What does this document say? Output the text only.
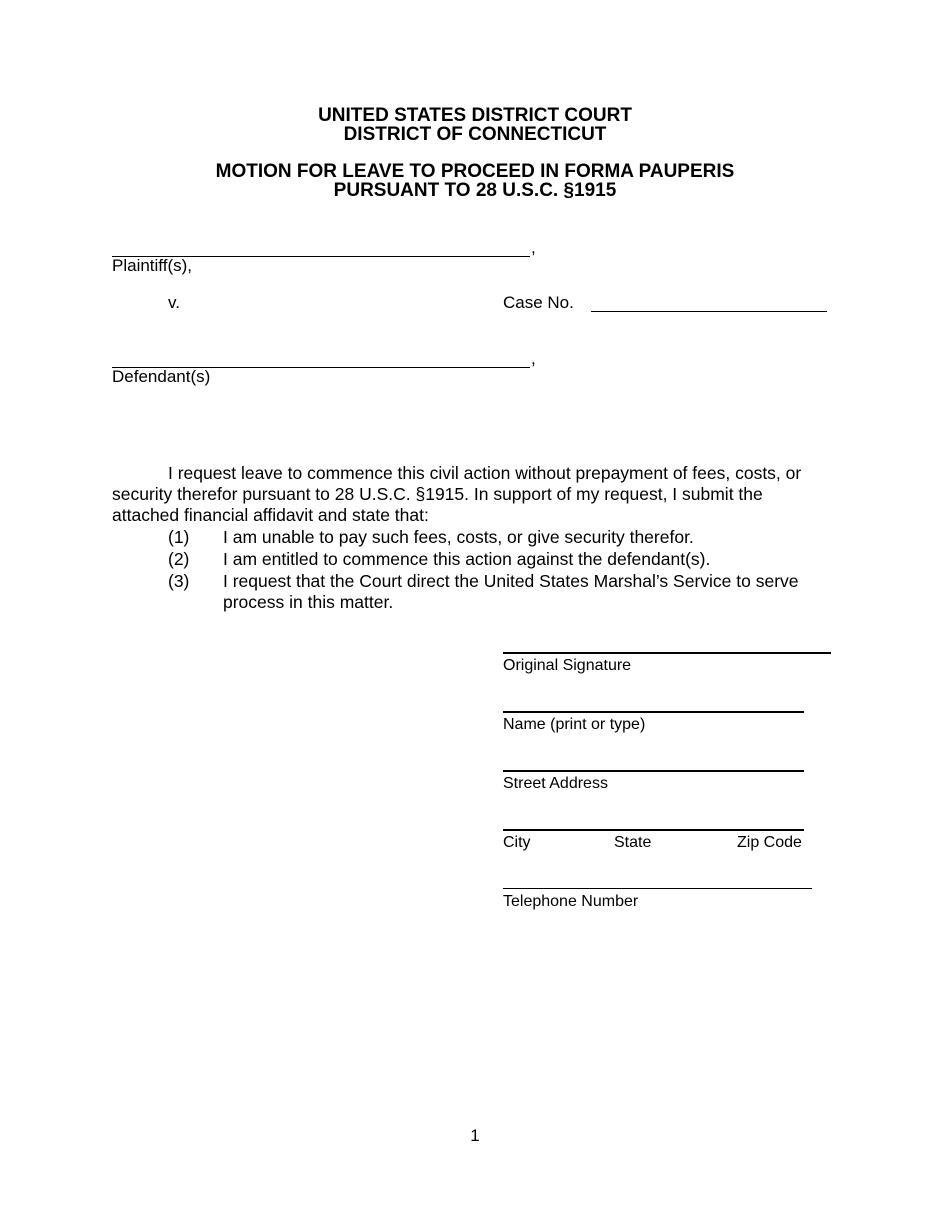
UNITED STATES DISTRICT COURT
DISTRICT OF CONNECTICUT
MOTION FOR LEAVE TO PROCEED IN FORMA PAUPERIS
PURSUANT TO 28 U.S.C. §1915
,
Plaintiff(s),
v.	Case No.
,
Defendant(s)
I request leave to commence this civil action without prepayment of fees, costs, or security therefor pursuant to 28 U.S.C. §1915. In support of my request, I submit the attached financial affidavit and state that:
(1) I am unable to pay such fees, costs, or give security therefor.
(2) I am entitled to commence this action against the defendant(s).
(3) I request that the Court direct the United States Marshal’s Service to serve process in this matter.
Original Signature
Name (print or type)
Street Address
City	State	Zip Code
Telephone Number
1
